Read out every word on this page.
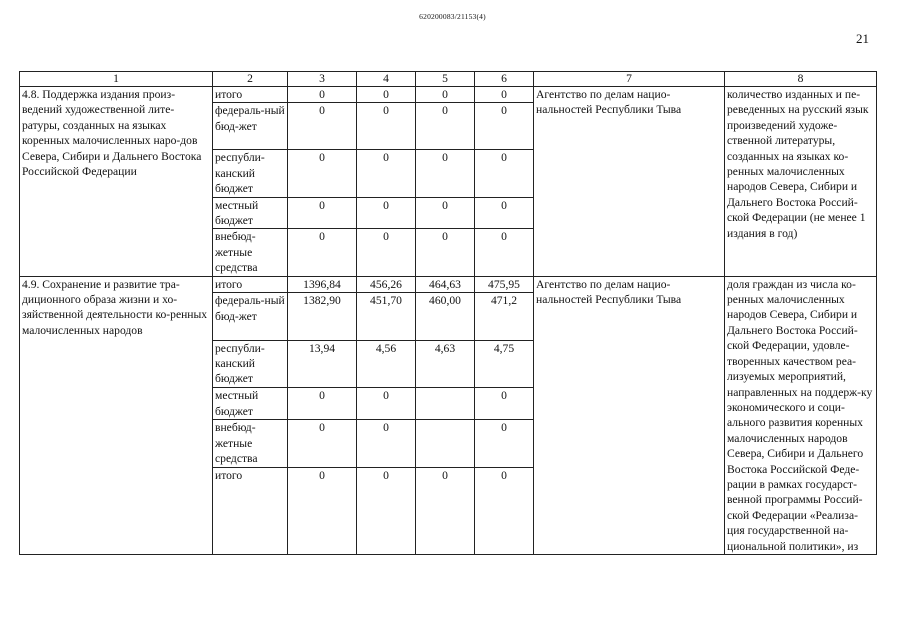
620200083/21153(4)
21
1	2	3	4	5	6	7	8
4.8. Поддержка издания произ-ведений художественной лите-ратуры, созданных на языках коренных малочисленных наро-дов Севера, Сибири и Дальнего Востока Российской Федерации	итого	0	0	0	0	Агентство по делам нацио-нальностей Республики Тыва	количество изданных и пе-реведенных на русский язык произведений художе-ственной литературы, созданных на языках ко-ренных малочисленных народов Севера, Сибири и Дальнего Востока Россий-ской Федерации (не менее 1 издания в год)
	федераль-ный бюд-жет	0	0	0	0		
	республи-канский бюджет	0	0	0	0		
	местный бюджет	0	0	0	0		
	внебюд-жетные средства	0	0	0	0		
4.9. Сохранение и развитие тра-диционного образа жизни и хо-зяйственной деятельности ко-ренных малочисленных народов	итого	1396,84	456,26	464,63	475,95	Агентство по делам нацио-нальностей Республики Тыва	доля граждан из числа ко-ренных малочисленных народов Севера, Сибири и Дальнего Востока Россий-ской Федерации, удовле-творенных качеством реа-лизуемых мероприятий, направленных на поддерж-ку экономического и соци-ального развития коренных малочисленных народов Севера, Сибири и Дальнего Востока Российской Феде-рации в рамках государст-венной программы Россий-ской Федерации «Реализа-ция государственной на-циональной политики», из
	федераль-ный бюд-жет	1382,90	451,70	460,00	471,2		
	республи-канский бюджет	13,94	4,56	4,63	4,75		
	местный бюджет	0	0		0		
	внебюд-жетные средства	0	0		0		
	итого	0	0	0	0		
